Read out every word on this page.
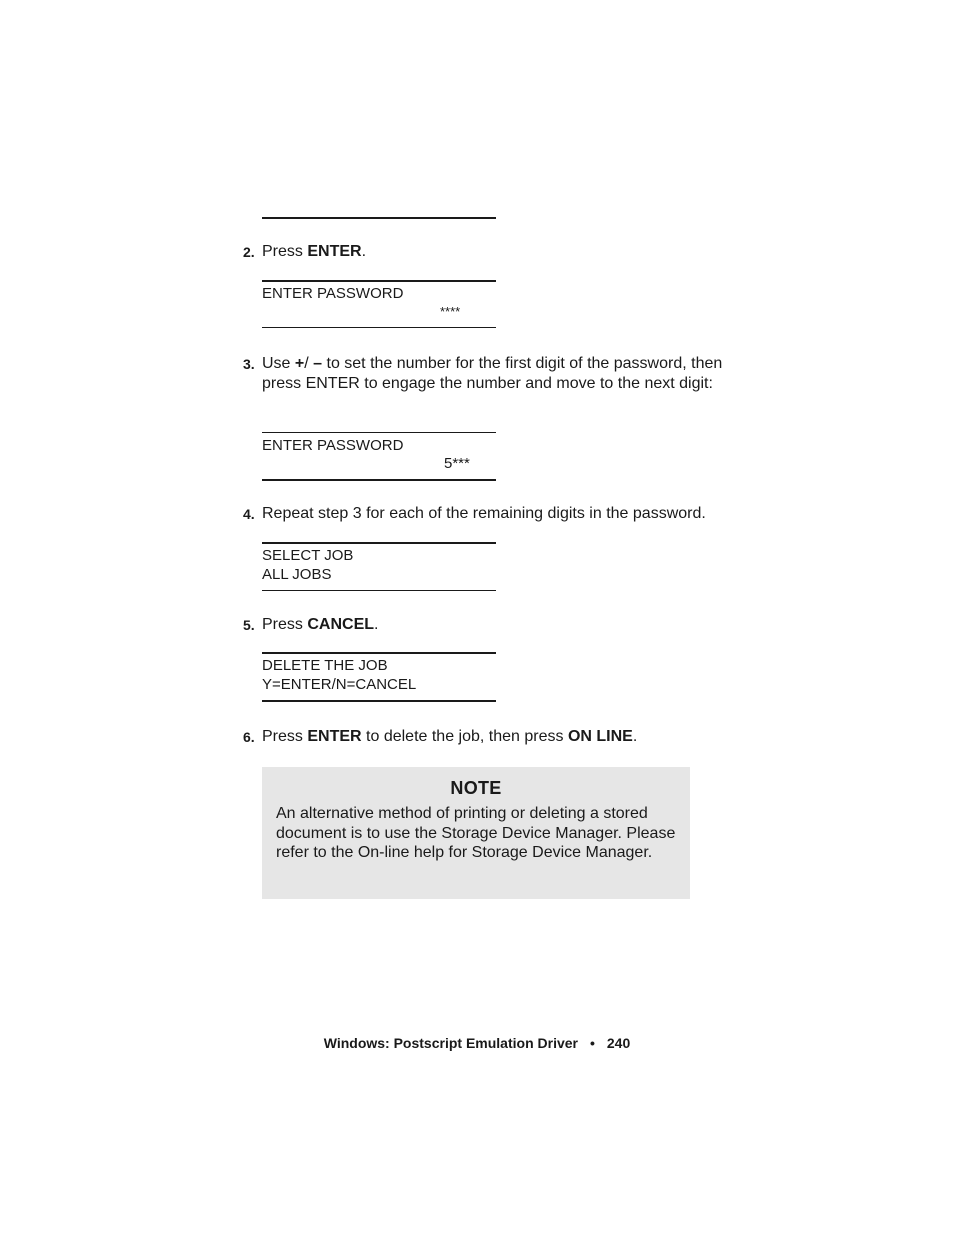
2. Press ENTER.
ENTER PASSWORD
****
3. Use +/ – to set the number for the first digit of the password, then press ENTER to engage the number and move to the next digit:
ENTER PASSWORD
5***
4. Repeat step 3 for each of the remaining digits in the password.
SELECT JOB
ALL JOBS
5. Press CANCEL.
DELETE THE JOB
Y=ENTER/N=CANCEL
6. Press ENTER to delete the job, then press ON LINE.
NOTE
An alternative method of printing or deleting a stored document is to use the Storage Device Manager. Please refer to the On-line help for Storage Device Manager.
Windows: Postscript Emulation Driver • 240
